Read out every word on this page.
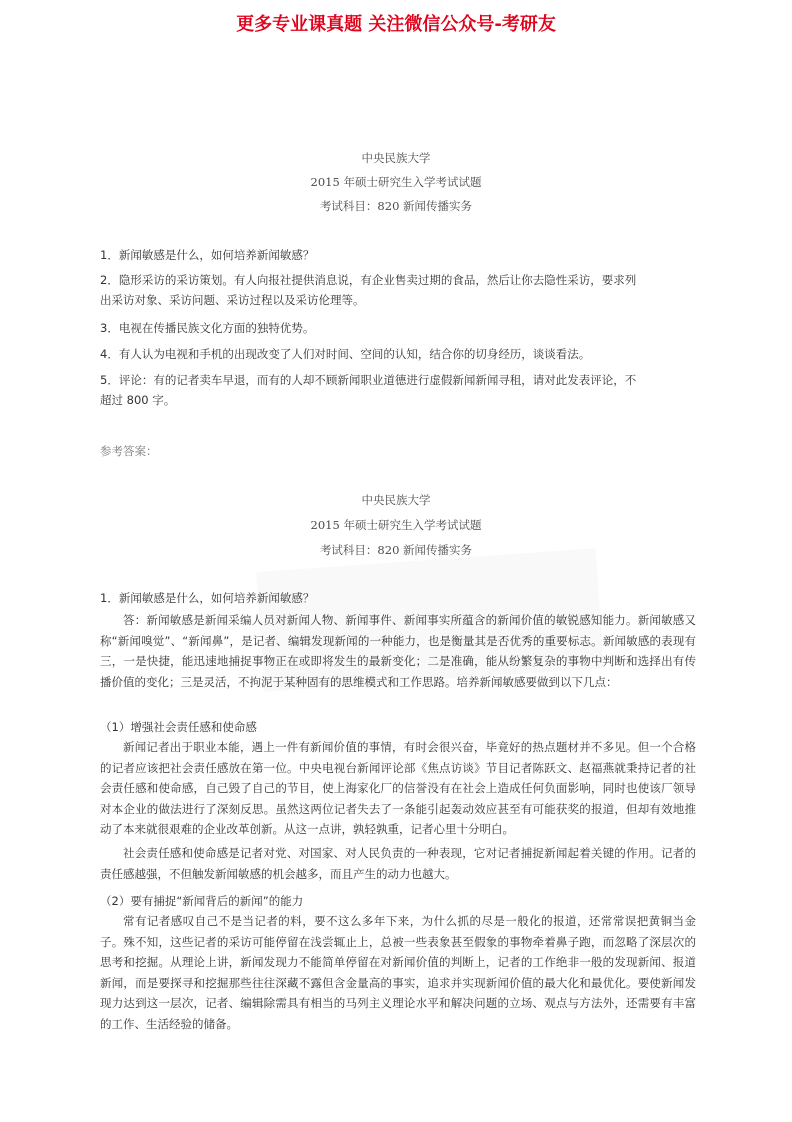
更多专业课真题 关注微信公众号-考研友
中央民族大学
2015 年硕士研究生入学考试试题
考试科目：820 新闻传播实务
1．新闻敏感是什么，如何培养新闻敏感？
2．隐形采访的采访策划。有人向报社提供消息说，有企业售卖过期的食品，然后让你去隐性采访，要求列
出采访对象、采访问题、采访过程以及采访伦理等。
3．电视在传播民族文化方面的独特优势。
4．有人认为电视和手机的出现改变了人们对时间、空间的认知，结合你的切身经历，谈谈看法。
5．评论：有的记者卖车早退，而有的人却不顾新闻职业道德进行虚假新闻新闻寻租，请对此发表评论，不
超过 800 字。
参考答案：
中央民族大学
2015 年硕士研究生入学考试试题
考试科目：820 新闻传播实务
1．新闻敏感是什么，如何培养新闻敏感？
答：新闻敏感是新闻采编人员对新闻人物、新闻事件、新闻事实所蕴含的新闻价值的敏锐感知能力。新闻敏感又称“新闻嗅觉”、“新闻鼻”，是记者、编辑发现新闻的一种能力，也是衡量其是否优秀的重要标志。新闻敏感的表现有三，一是快捷，能迅速地捕捉事物正在或即将发生的最新变化；二是准确，能从纷繁复杂的事物中判断和选择出有传播价值的变化；三是灵活，不拘泥于某种固有的思维模式和工作思路。培养新闻敏感要做到以下几点：
（1）增强社会责任感和使命感
新闻记者出于职业本能，遇上一件有新闻价值的事情，有时会很兴奋，毕竟好的热点题材并不多见。但一个合格的记者应该把社会责任感放在第一位。中央电视台新闻评论部《焦点访谈》节目记者陈跃文、赵福燕就秉持记者的社会责任感和使命感，自己毁了自己的节目，使上海家化厂的信誉没有在社会上造成任何负面影响，同时也使该厂领导对本企业的做法进行了深刻反思。虽然这两位记者失去了一条能引起轰动效应甚至有可能获奖的报道，但却有效地推动了本来就很艰难的企业改革创新。从这一点讲，孰轻孰重，记者心里十分明白。
社会责任感和使命感是记者对党、对国家、对人民负责的一种表现，它对记者捕捉新闻起着关键的作用。记者的责任感越强，不但触发新闻敏感的机会越多，而且产生的动力也越大。
（2）要有捕捉“新闻背后的新闻”的能力
常有记者感叹自己不是当记者的料，要不这么多年下来，为什么抓的尽是一般化的报道，还常常误把黄铜当金子。殊不知，这些记者的采访可能停留在浅尝辄止上，总被一些表象甚至假象的事物牵着鼻子跑，而忽略了深层次的思考和挖掘。从理论上讲，新闻发现力不能简单停留在对新闻价值的判断上，记者的工作绝非一般的发现新闻、报道新闻，而是要探寻和挖掘那些往往深藏不露但含金量高的事实，追求并实现新闻价值的最大化和最优化。要使新闻发现力达到这一层次，记者、编辑除需具有相当的马列主义理论水平和解决问题的立场、观点与方法外，还需要有丰富的工作、生活经验的储备。
